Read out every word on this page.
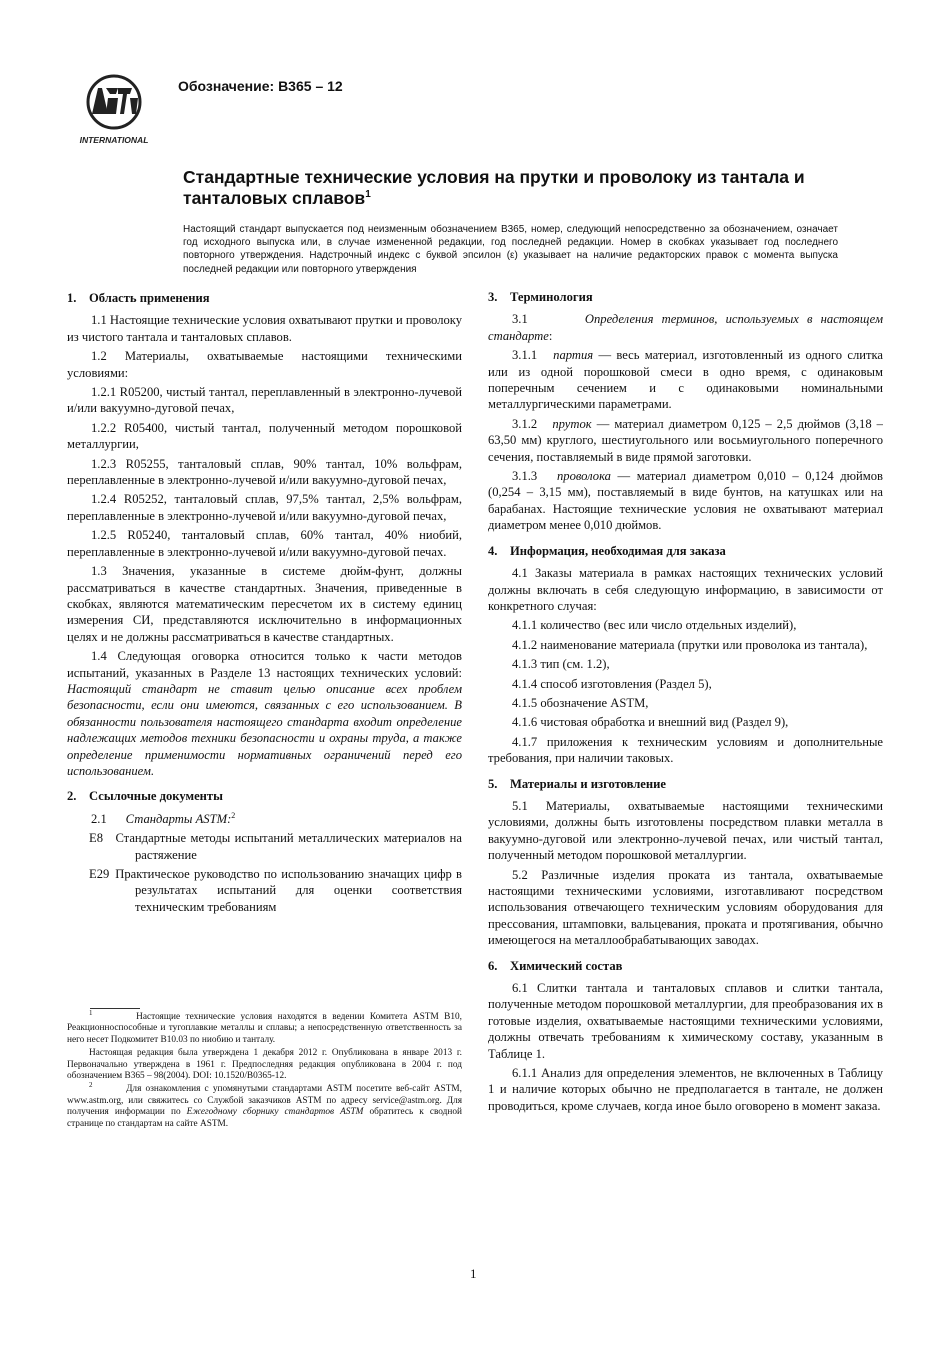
INTERNATIONAL
Обозначение: B365 – 12
Стандартные технические условия на прутки и проволоку из тантала и танталовых сплавов$^1$
Настоящий стандарт выпускается под неизменным обозначением B365, номер, следующий непосредственно за обозначением, означает год исходного выпуска или, в случае измененной редакции, год последней редакции. Номер в скобках указывает год последнего повторного утверждения. Надстрочный индекс с буквой эпсилон (ε) указывает на наличие редакторских правок с момента выпуска последней редакции или повторного утверждения
1. Область применения

1.1 Настоящие технические условия охватывают прутки и проволоку из чистого тантала и танталовых сплавов.

1.2 Материалы, охватываемые настоящими техническими условиями:

1.2.1 R05200, чистый тантал, переплавленный в электронно-лучевой и/или вакуумно-дуговой печах,

1.2.2 R05400, чистый тантал, полученный методом порошковой металлургии,

1.2.3 R05255, танталовый сплав, 90% тантал, 10% вольфрам, переплавленные в электронно-лучевой и/или вакуумно-дуговой печах,

1.2.4 R05252, танталовый сплав, 97,5% тантал, 2,5% вольфрам, переплавленные в электронно-лучевой и/или вакуумно-дуговой печах,

1.2.5 R05240, танталовый сплав, 60% тантал, 40% ниобий, переплавленные в электронно-лучевой и/или вакуумно-дуговой печах.

1.3 Значения, указанные в системе дюйм-фунт, должны рассматриваться в качестве стандартных. Значения, приведенные в скобках, являются математическим пересчетом их в систему единиц измерения СИ, представляются исключительно в информационных целях и не должны рассматриваться в качестве стандартных.

1.4 Следующая оговорка относится только к части методов испытаний, указанных в Разделе 13 настоящих технических условий: Настоящий стандарт не ставит целью описание всех проблем безопасности, если они имеются, связанных с его использованием. В обязанности пользователя настоящего стандарта входит определение надлежащих методов техники безопасности и охраны труда, а также определение применимости нормативных ограничений перед его использованием.

2. Ссылочные документы

2.1 Стандарты ASTM:$^2$

E8 Стандартные методы испытаний металлических материалов на растяжение

E29 Практическое руководство по использованию значащих цифр в результатах испытаний для оценки соответствия техническим требованиям

$^1$	Настоящие технические условия находятся в ведении Комитета ASTM B10, Реакционноспособные и тугоплавкие металлы и сплавы; а непосредственную ответственность за него несет Подкомитет B10.03 по ниобию и танталу.

Настоящая редакция была утверждена 1 декабря 2012 г. Опубликована в январе 2013 г. Первоначально утверждена в 1961 г. Предпоследняя редакция опубликована в 2004 г. под обозначением B365 – 98(2004). DOI: 10.1520/B0365-12.

$^2$	Для ознакомления с упомянутыми стандартами ASTM посетите веб-сайт ASTM, www.astm.org, или свяжитесь со Службой заказчиков ASTM по адресу service@astm.org. Для получения информации по Ежегодному сборнику стандартов ASTM обратитесь к сводной странице по стандартам на сайте ASTM.

3. Терминология

3.1	Определения терминов, используемых в настоящем стандарте:

3.1.1 партия — весь материал, изготовленный из одного слитка или из одной порошковой смеси в одно время, с одинаковым поперечным сечением и с одинаковыми номинальными металлургическими параметрами.

3.1.2 пруток — материал диаметром 0,125 – 2,5 дюймов (3,18 – 63,50 мм) круглого, шестиугольного или восьмиугольного поперечного сечения, поставляемый в виде прямой заготовки.

3.1.3 проволока — материал диаметром 0,010 – 0,124 дюймов (0,254 – 3,15 мм), поставляемый в виде бунтов, на катушках или на барабанах. Настоящие технические условия не охватывают материал диаметром менее 0,010 дюймов.

4. Информация, необходимая для заказа

4.1 Заказы материала в рамках настоящих технических условий должны включать в себя следующую информацию, в зависимости от конкретного случая:

4.1.1 количество (вес или число отдельных изделий),

4.1.2 наименование материала (прутки или проволока из тантала),

4.1.3 тип (см. 1.2),

4.1.4 способ изготовления (Раздел 5),

4.1.5 обозначение ASTM,

4.1.6 чистовая обработка и внешний вид (Раздел 9),

4.1.7 приложения к техническим условиям и дополнительные требования, при наличии таковых.

5. Материалы и изготовление

5.1 Материалы, охватываемые настоящими техническими условиями, должны быть изготовлены посредством плавки металла в вакуумно-дуговой или электронно-лучевой печах, или чистый тантал, полученный методом порошковой металлургии.

5.2 Различные изделия проката из тантала, охватываемые настоящими техническими условиями, изготавливают посредством использования отвечающего техническим условиям оборудования для прессования, штамповки, вальцевания, проката и протягивания, обычно имеющегося на металлообрабатывающих заводах.

6. Химический состав

6.1 Слитки тантала и танталовых сплавов и слитки тантала, полученные методом порошковой металлургии, для преобразования их в готовые изделия, охватываемые настоящими техническими условиями, должны отвечать требованиям к химическому составу, указанным в Таблице 1.

6.1.1 Анализ для определения элементов, не включенных в Таблицу 1 и наличие которых обычно не предполагается в тантале, не должен проводиться, кроме случаев, когда иное было оговорено в момент заказа.

1
